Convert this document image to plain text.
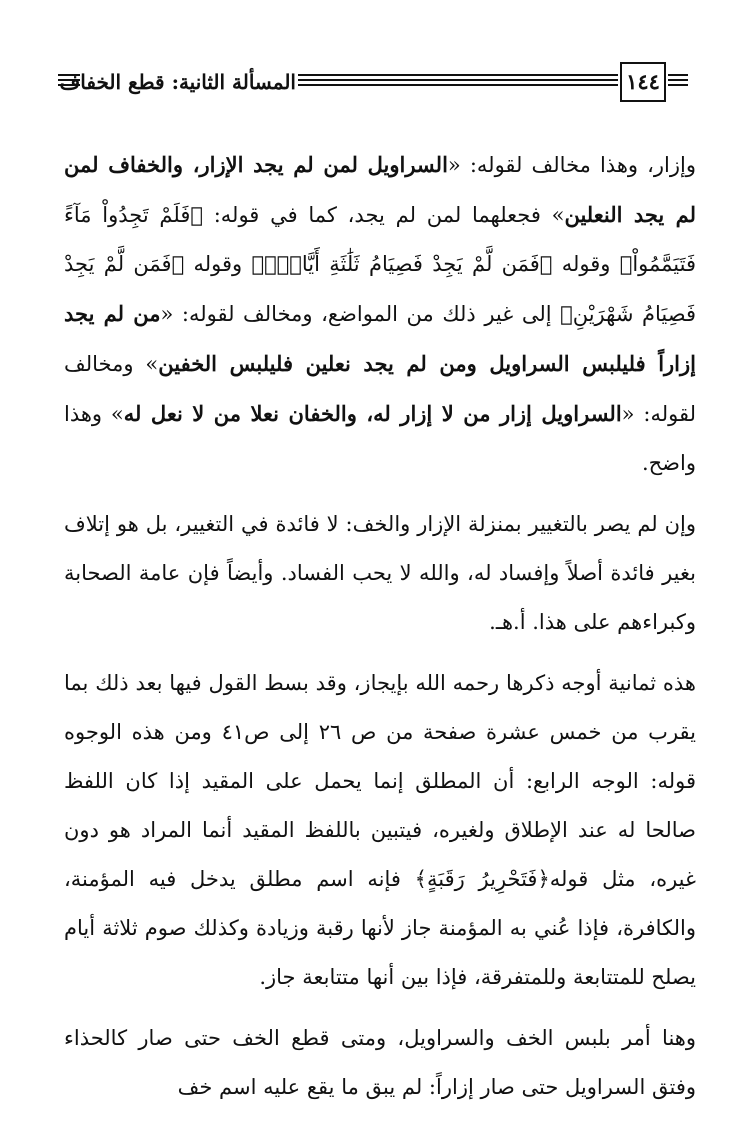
المسألة الثانية: قطع الخفاف	١٤٤

وإزار، وهذا مخالف لقوله: «السراويل لمن لم يجد الإزار، والخفاف لمن لم يجد النعلين» فجعلهما لمن لم يجد، كما في قوله: ﴿فَلَمْ تَجِدُواْ مَآءً فَتَيَمَّمُواْ﴾ وقوله ﴿فَمَن لَّمْ يَجِدْ فَصِيَامُ ثَلَٰثَةِ أَيَّامٍۚ﴾ وقوله ﴿فَمَن لَّمْ يَجِدْ فَصِيَامُ شَهْرَيْنِ﴾ إلى غير ذلك من المواضع، ومخالف لقوله: «من لم يجد إزاراً فليلبس السراويل ومن لم يجد نعلين فليلبس الخفين» ومخالف لقوله: «السراويل إزار من لا إزار له، والخفان نعلا من لا نعل له» وهذا واضح.

وإن لم يصر بالتغيير بمنزلة الإزار والخف: لا فائدة في التغيير، بل هو إتلاف بغير فائدة أصلاً وإفساد له، والله لا يحب الفساد. وأيضاً فإن عامة الصحابة وكبراءهم على هذا. أ.هـ.

هذه ثمانية أوجه ذكرها رحمه الله بإيجاز، وقد بسط القول فيها بعد ذلك بما يقرب من خمس عشرة صفحة من ص ٢٦ إلى ص٤١ ومن هذه الوجوه قوله: الوجه الرابع: أن المطلق إنما يحمل على المقيد إذا كان اللفظ صالحا له عند الإطلاق ولغيره، فيتبين باللفظ المقيد أنما المراد هو دون غيره، مثل قوله﴿فَتَحْرِيرُ رَقَبَةٍ﴾ فإنه اسم مطلق يدخل فيه المؤمنة، والكافرة، فإذا عُني به المؤمنة جاز لأنها رقبة وزيادة وكذلك صوم ثلاثة أيام يصلح للمتتابعة وللمتفرقة، فإذا بين أنها متتابعة جاز.

وهنا أمر بلبس الخف والسراويل، ومتى قطع الخف حتى صار كالحذاء وفتق السراويل حتى صار إزاراً: لم يبق ما يقع عليه اسم خف
